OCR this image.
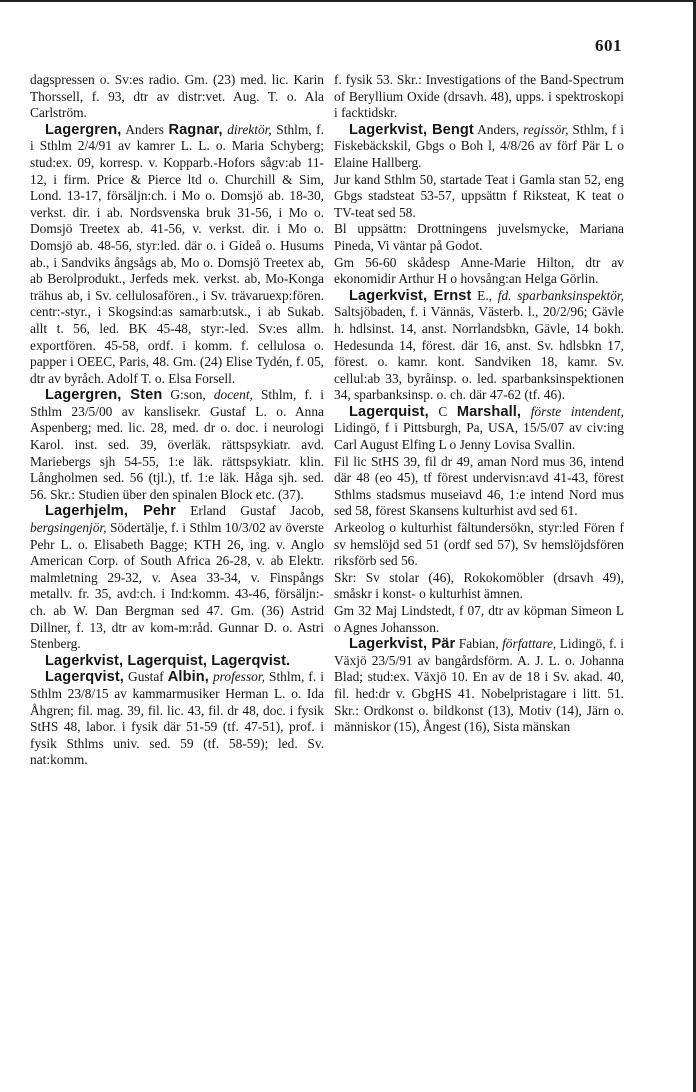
601

dagspressen o. Sv:es radio. Gm. (23) med. lic. Karin Thorssell, f. 93, dtr av distr:vet. Aug. T. o. Ala Carlström.

Lagergren, Anders Ragnar, direktör, Sthlm, f. i Sthlm 2/4/91 av kamrer L. L. o. Maria Schyberg; stud:ex. 09, korresp. v. Kopparb.-Hofors sågv:ab 11-12, i firm. Price & Pierce ltd o. Churchill & Sim, Lond. 13-17, försäljn:ch. i Mo o. Domsjö ab. 18-30, verkst. dir. i ab. Nordsvenska bruk 31-56, i Mo o. Domsjö Treetex ab. 41-56, v. verkst. dir. i Mo o. Domsjö ab. 48-56, styr:led. där o. i Gideå o. Husums ab., i Sandviks ångsågs ab, Mo o. Domsjö Treetex ab, ab Berolprodukt., Jerfeds mek. verkst. ab, Mo-Konga trähus ab, i Sv. cellulosafören., i Sv. trävaruexp:fören. centr:-styr., i Skogsind:as samarb:utsk., i ab Sukab. allt t. 56, led. BK 45-48, styr:-led. Sv:es allm. exportfören. 45-58, ordf. i komm. f. cellulosa o. papper i OEEC, Paris, 48. Gm. (24) Elise Tydén, f. 05, dtr av byråch. Adolf T. o. Elsa Forsell.

Lagergren, Sten G:son, docent, Sthlm, f. i Sthlm 23/5/00 av kanslisekr. Gustaf L. o. Anna Aspenberg; med. lic. 28, med. dr o. doc. i neurologi Karol. inst. sed. 39, överläk. rättspsykiatr. avd. Mariebergs sjh 54-55, 1:e läk. rättspsykiatr. klin. Långholmen sed. 56 (tjl.), tf. 1:e läk. Håga sjh. sed. 56. Skr.: Studien über den spinalen Block etc. (37).

Lagerhjelm, Pehr Erland Gustaf Jacob, bergsingenjör, Södertälje, f. i Sthlm 10/3/02 av överste Pehr L. o. Elisabeth Bagge; KTH 26, ing. v. Anglo American Corp. of South Africa 26-28, v. ab Elektr. malmletning 29-32, v. Asea 33-34, v. Finspångs metallv. fr. 35, avd:ch. i Ind:komm. 43-46, försäljn:-ch. ab W. Dan Bergman sed 47. Gm. (36) Astrid Dillner, f. 13, dtr av kom-m:råd. Gunnar D. o. Astri Stenberg.

Lagerkvist, Lagerquist, Lagerqvist.

Lagerqvist, Gustaf Albin, professor, Sthlm, f. i Sthlm 23/8/15 av kammarmusiker Herman L. o. Ida Åhgren; fil. mag. 39, fil. lic. 43, fil. dr 48, doc. i fysik StHS 48, labor. i fysik där 51-59 (tf. 47-51), prof. i fysik Sthlms univ. sed. 59 (tf. 58-59); led. Sv. nat:komm.

f. fysik 53. Skr.: Investigations of the Band-Spectrum of Beryllium Oxide (drsavh. 48), upps. i spektroskopi i facktidskr.

Lagerkvist, Bengt Anders, regissör, Sthlm, f i Fiskebäckskil, Gbgs o Boh l, 4/8/26 av förf Pär L o Elaine Hallberg.

Jur kand Sthlm 50, startade Teat i Gamla stan 52, eng Gbgs stadsteat 53-57, uppsättn f Riksteat, K teat o TV-teat sed 58.

Bl uppsättn: Drottningens juvelsmycke, Mariana Pineda, Vi väntar på Godot.

Gm 56-60 skådesp Anne-Marie Hilton, dtr av ekonomidir Arthur H o hovsång:an Helga Görlin.

Lagerkvist, Ernst E., fd. sparbanksinspektör, Saltsjöbaden, f. i Vännäs, Västerb. l., 20/2/96; Gävle h. hdlsinst. 14, anst. Norrlandsbkn, Gävle, 14 bokh. Hedesunda 14, förest. där 16, anst. Sv. hdlsbkn 17, förest. o. kamr. kont. Sandviken 18, kamr. Sv. cellul:ab 33, byråinsp. o. led. sparbanksinspektionen 34, sparbanksinsp. o. ch. där 47-62 (tf. 46).

Lagerquist, C Marshall, förste intendent, Lidingö, f i Pittsburgh, Pa, USA, 15/5/07 av civ:ing Carl August Elfing L o Jenny Lovisa Svallin.

Fil lic StHS 39, fil dr 49, aman Nord mus 36, intend där 48 (eo 45), tf förest undervisn:avd 41-43, förest Sthlms stadsmus museiavd 46, 1:e intend Nord mus sed 58, förest Skansens kulturhist avd sed 61.

Arkeolog o kulturhist fältundersökn, styr:led Fören f sv hemslöjd sed 51 (ordf sed 57), Sv hemslöjdsfören riksförb sed 56.

Skr: Sv stolar (46), Rokokomöbler (drsavh 49), småskr i konst- o kulturhist ämnen.

Gm 32 Maj Lindstedt, f 07, dtr av köpman Simeon L o Agnes Johansson.

Lagerkvist, Pär Fabian, författare, Lidingö, f. i Växjö 23/5/91 av bangårdsförm. A. J. L. o. Johanna Blad; stud:ex. Växjö 10. En av de 18 i Sv. akad. 40, fil. hed:dr v. GbgHS 41. Nobelpristagare i litt. 51. Skr.: Ordkonst o. bildkonst (13), Motiv (14), Järn o. människor (15), Ångest (16), Sista mänskan
